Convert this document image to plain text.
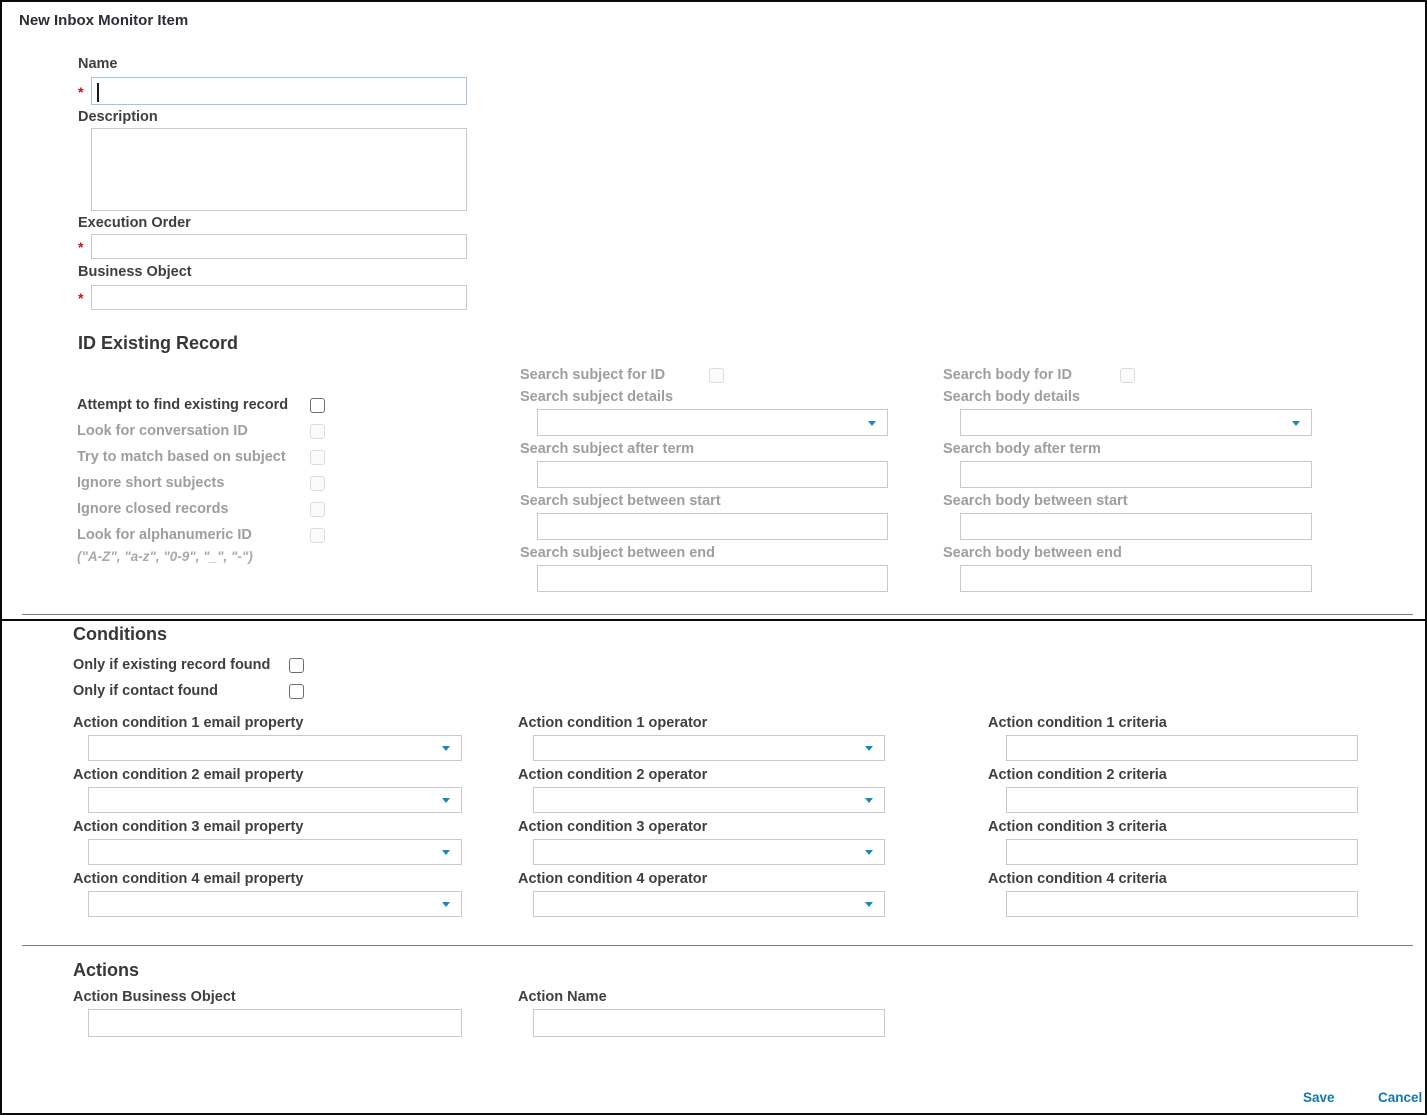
New Inbox Monitor Item
Name
*
Description
Execution Order
*
Business Object
*
ID Existing Record
Attempt to find existing record
Look for conversation ID
Try to match based on subject
Ignore short subjects
Ignore closed records
Look for alphanumeric ID
("A-Z", "a-z", "0-9", "_", "-")
Search subject for ID
Search subject details
Search subject after term
Search subject between start
Search subject between end
Search body for ID
Search body details
Search body after term
Search body between start
Search body between end
Conditions
Only if existing record found
Only if contact found
Action condition 1 email property	Action condition 1 operator	Action condition 1 criteria
Action condition 2 email property	Action condition 2 operator	Action condition 2 criteria
Action condition 3 email property	Action condition 3 operator	Action condition 3 criteria
Action condition 4 email property	Action condition 4 operator	Action condition 4 criteria
Actions
Action Business Object	Action Name
Save	Cancel
